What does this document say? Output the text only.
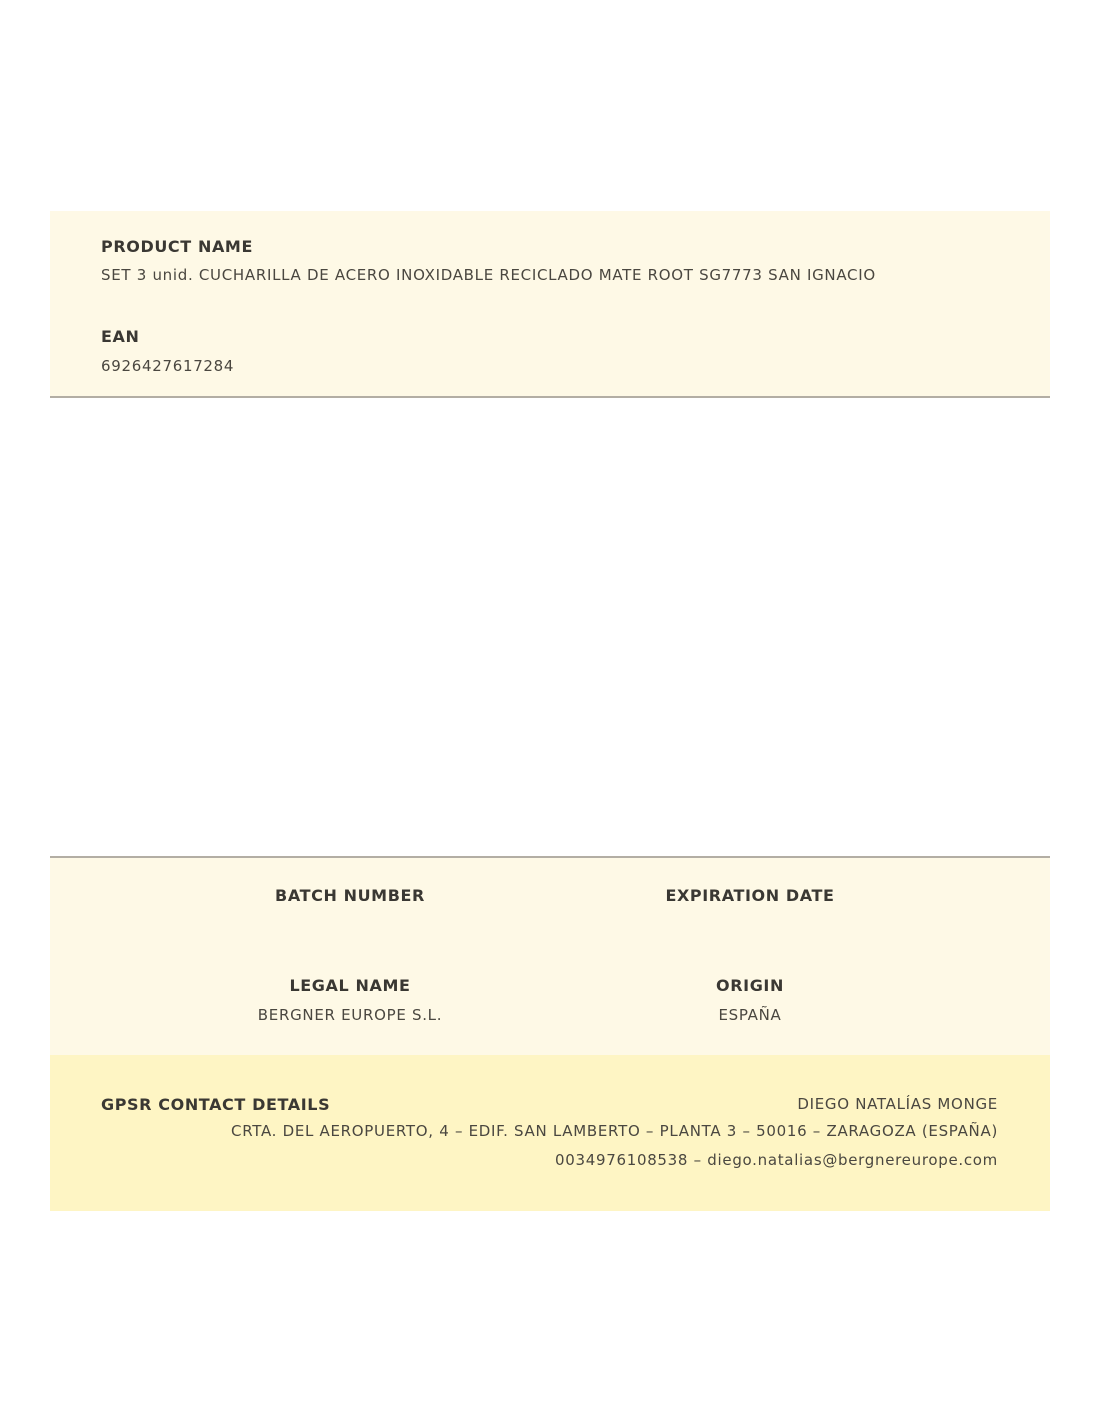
PRODUCT NAME
SET 3 unid. CUCHARILLA DE ACERO INOXIDABLE RECICLADO MATE ROOT SG7773 SAN IGNACIO
EAN
6926427617284
BATCH NUMBER	EXPIRATION DATE
LEGAL NAME
BERGNER EUROPE S.L.
ORIGIN
ESPAÑA
GPSR CONTACT DETAILS	DIEGO NATALÍAS MONGE
CRTA. DEL AEROPUERTO, 4 – EDIF. SAN LAMBERTO – PLANTA 3 – 50016 – ZARAGOZA (ESPAÑA)
0034976108538 – diego.natalias@bergnereurope.com
